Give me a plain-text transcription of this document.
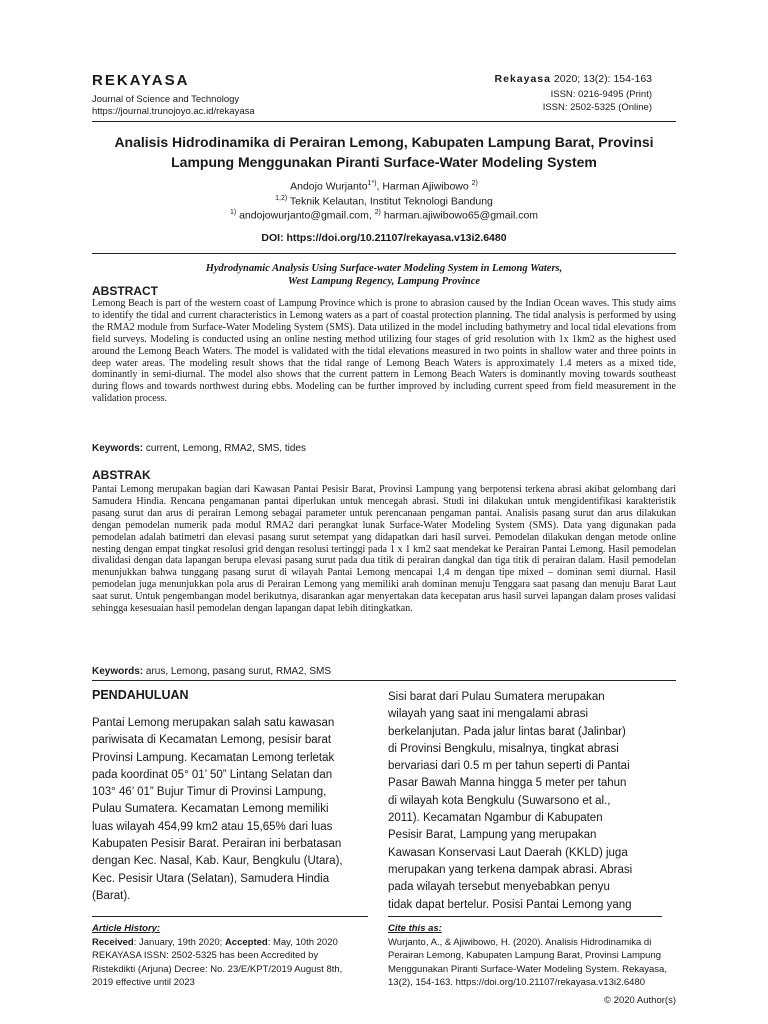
REKAYASA
Journal of Science and Technology
https://journal.trunojoyo.ac.id/rekayasa
Rekayasa 2020; 13(2): 154-163
ISSN: 0216-9495 (Print)
ISSN: 2502-5325 (Online)
Analisis Hidrodinamika di Perairan Lemong, Kabupaten Lampung Barat, Provinsi
Lampung Menggunakan Piranti Surface-Water Modeling System
Andojo Wurjanto$^{1*)}$, Harman Ajiwibowo $^{2)}$
$^{1,2)}$ Teknik Kelautan, Institut Teknologi Bandung
$^{1)}$ andojowurjanto@gmail.com, $^{2)}$ harman.ajiwibowo65@gmail.com
DOI: https://doi.org/10.21107/rekayasa.v13i2.6480
Hydrodynamic Analysis Using Surface-water Modeling System in Lemong Waters,
West Lampung Regency, Lampung Province
ABSTRACT
Lemong Beach is part of the western coast of Lampung Province which is prone to abrasion caused by the Indian Ocean waves. This study aims to identify the tidal and current characteristics in Lemong waters as a part of coastal protection planning. The tidal analysis is performed by using the RMA2 module from Surface-Water Modeling System (SMS). Data utilized in the model including bathymetry and local tidal elevations from field surveys. Modeling is conducted using an online nesting method utilizing four stages of grid resolution with 1x 1km2 as the highest used around the Lemong Beach Waters. The model is validated with the tidal elevations measured in two points in shallow water and three points in deep water areas. The modeling result shows that the tidal range of Lemong Beach Waters is approximately 1.4 meters as a mixed tide, dominantly in semi-diurnal. The model also shows that the current pattern in Lemong Beach Waters is dominantly moving towards southeast during flows and towards northwest during ebbs. Modeling can be further improved by including current speed from field measurement in the validation process.
Keywords: current, Lemong, RMA2, SMS, tides
ABSTRAK
Pantai Lemong merupakan bagian dari Kawasan Pantai Pesisir Barat, Provinsi Lampung yang berpotensi terkena abrasi akibat gelombang dari Samudera Hindia. Rencana pengamanan pantai diperlukan untuk mencegah abrasi. Studi ini dilakukan untuk mengidentifikasi karakteristik pasang surut dan arus di perairan Lemong sebagai parameter untuk perencanaan pengaman pantai. Analisis pasang surut dan arus dilakukan dengan pemodelan numerik pada modul RMA2 dari perangkat lunak Surface-Water Modeling System (SMS). Data yang digunakan pada pemodelan adalah batimetri dan elevasi pasang surut setempat yang didapatkan dari hasil survei. Pemodelan dilakukan dengan metode online nesting dengan empat tingkat resolusi grid dengan resolusi tertinggi pada 1 x 1 km2 saat mendekat ke Perairan Pantai Lemong. Hasil pemodelan divalidasi dengan data lapangan berupa elevasi pasang surut pada dua titik di perairan dangkal dan tiga titik di perairan dalam. Hasil pemodelan menunjukkan bahwa tunggang pasang surut di wilayah Pantai Lemong mencapai 1,4 m dengan tipe mixed – dominan semi diurnal. Hasil pemodelan juga menunjukkan pola arus di Perairan Lemong yang memiliki arah dominan menuju Tenggara saat pasang dan menuju Barat Laut saat surut. Untuk pengembangan model berikutnya, disarankan agar menyertakan data kecepatan arus hasil survei lapangan dalam proses validasi sehingga kesesuaian hasil pemodelan dengan lapangan dapat lebih ditingkatkan.
Keywords: arus, Lemong, pasang surut, RMA2, SMS
PENDAHULUAN
Pantai Lemong merupakan salah satu kawasan
pariwisata di Kecamatan Lemong, pesisir barat
Provinsi Lampung. Kecamatan Lemong terletak
pada koordinat 05° 01’ 50” Lintang Selatan dan
103° 46’ 01” Bujur Timur di Provinsi Lampung,
Pulau Sumatera. Kecamatan Lemong memiliki
luas wilayah 454,99 km2 atau 15,65% dari luas
Kabupaten Pesisir Barat. Perairan ini berbatasan
dengan Kec. Nasal, Kab. Kaur, Bengkulu (Utara),
Kec. Pesisir Utara (Selatan), Samudera Hindia
(Barat).
Sisi barat dari Pulau Sumatera merupakan
wilayah yang saat ini mengalami abrasi
berkelanjutan. Pada jalur lintas barat (Jalinbar)
di Provinsi Bengkulu, misalnya, tingkat abrasi
bervariasi dari 0.5 m per tahun seperti di Pantai
Pasar Bawah Manna hingga 5 meter per tahun
di wilayah kota Bengkulu (Suwarsono et al.,
2011). Kecamatan Ngambur di Kabupaten
Pesisir Barat, Lampung yang merupakan
Kawasan Konservasi Laut Daerah (KKLD) juga
merupakan yang terkena dampak abrasi. Abrasi
pada wilayah tersebut menyebabkan penyu
tidak dapat bertelur. Posisi Pantai Lemong yang
Article History:
Received: January, 19th 2020; Accepted: May, 10th 2020
REKAYASA ISSN: 2502-5325 has been Accredited by
Ristekdikti (Arjuna) Decree: No. 23/E/KPT/2019 August 8th,
2019 effective until 2023
Cite this as:
Wurjanto, A., & Ajiwibowo, H. (2020). Analisis Hidrodinamika di
Perairan Lemong, Kabupaten Lampung Barat, Provinsi Lampung
Menggunakan Piranti Surface-Water Modeling System. Rekayasa,
13(2), 154-163. https://doi.org/10.21107/rekayasa.v13i2.6480
© 2020 Author(s)
